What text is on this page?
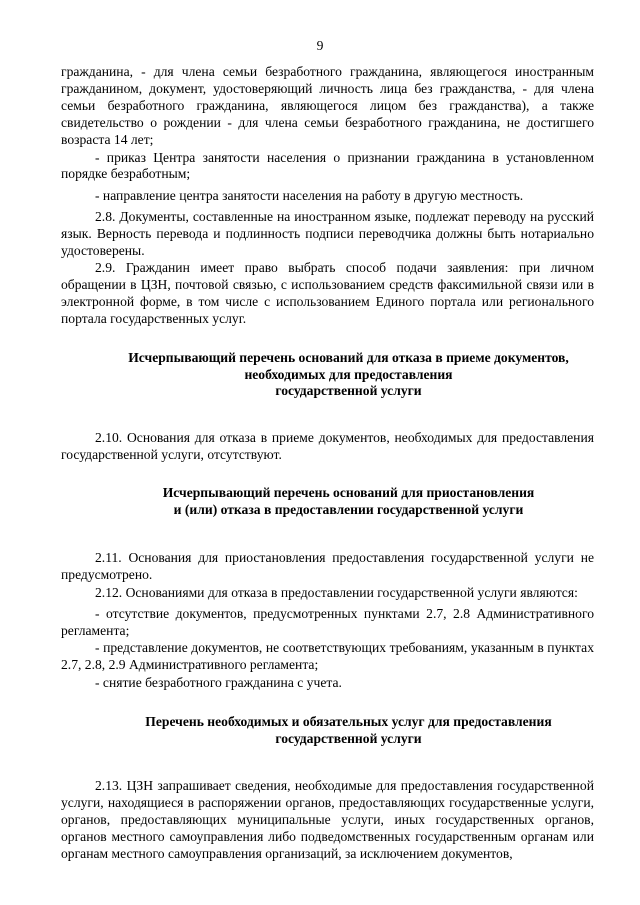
9

гражданина, - для члена семьи безработного гражданина, являющегося иностранным гражданином, документ, удостоверяющий личность лица без гражданства, - для члена семьи безработного гражданина, являющегося лицом без гражданства), а также свидетельство о рождении - для члена семьи безработного гражданина, не достигшего возраста 14 лет;

- приказ Центра занятости населения о признании гражданина в установленном порядке безработным;

- направление центра занятости населения на работу в другую местность.

2.8. Документы, составленные на иностранном языке, подлежат переводу на русский язык. Верность перевода и подлинность подписи переводчика должны быть нотариально удостоверены.

2.9. Гражданин имеет право выбрать способ подачи заявления: при личном обращении в ЦЗН, почтовой связью, с использованием средств факсимильной связи или в электронной форме, в том числе с использованием Единого портала или регионального портала государственных услуг.

Исчерпывающий перечень оснований для отказа в приеме документов,
необходимых для предоставления
государственной услуги

2.10. Основания для отказа в приеме документов, необходимых для предоставления государственной услуги, отсутствуют.

Исчерпывающий перечень оснований для приостановления
и (или) отказа в предоставлении государственной услуги

2.11. Основания для приостановления предоставления государственной услуги не предусмотрено.

2.12. Основаниями для отказа в предоставлении государственной услуги являются:

- отсутствие документов, предусмотренных пунктами 2.7, 2.8 Административного регламента;

- представление документов, не соответствующих требованиям, указанным в пунктах 2.7, 2.8, 2.9 Административного регламента;

- снятие безработного гражданина с учета.

Перечень необходимых и обязательных услуг для предоставления
государственной услуги

2.13. ЦЗН запрашивает сведения, необходимые для предоставления государственной услуги, находящиеся в распоряжении органов, предоставляющих государственные услуги, органов, предоставляющих муниципальные услуги, иных государственных органов, органов местного самоуправления либо подведомственных государственным органам или органам местного самоуправления организаций, за исключением документов,
